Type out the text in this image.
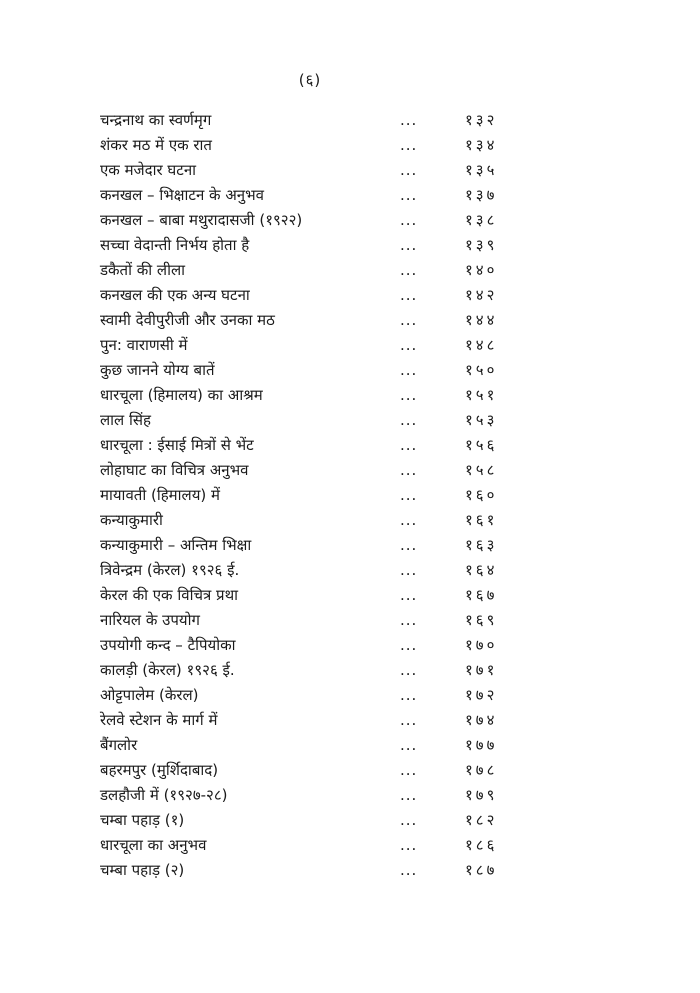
(६)
चन्द्रनाथ का स्वर्णमृग	...	१३२
शंकर मठ में एक रात	...	१३४
एक मजेदार घटना	...	१३५
कनखल – भिक्षाटन के अनुभव	...	१३७
कनखल – बाबा मथुरादासजी (१९२२)	...	१३८
सच्चा वेदान्ती निर्भय होता है	...	१३९
डकैतों की लीला	...	१४०
कनखल की एक अन्य घटना	...	१४२
स्वामी देवीपुरीजी और उनका मठ	...	१४४
पुन: वाराणसी में	...	१४८
कुछ जानने योग्य बातें	...	१५०
धारचूला (हिमालय) का आश्रम	...	१५१
लाल सिंह	...	१५३
धारचूला : ईसाई मित्रों से भेंट	...	१५६
लोहाघाट का विचित्र अनुभव	...	१५८
मायावती (हिमालय) में	...	१६०
कन्याकुमारी	...	१६१
कन्याकुमारी – अन्तिम भिक्षा	...	१६३
त्रिवेन्द्रम (केरल) १९२६ ई.	...	१६४
केरल की एक विचित्र प्रथा	...	१६७
नारियल के उपयोग	...	१६९
उपयोगी कन्द – टैपियोका	...	१७०
कालड़ी (केरल) १९२६ ई.	...	१७१
ओट्टपालेम (केरल)	...	१७२
रेलवे स्टेशन के मार्ग में	...	१७४
बैंगलोर	...	१७७
बहरमपुर (मुर्शिदाबाद)	...	१७८
डलहौजी में (१९२७-२८)	...	१७९
चम्बा पहाड़ (१)	...	१८२
धारचूला का अनुभव	...	१८६
चम्बा पहाड़ (२)	...	१८७
